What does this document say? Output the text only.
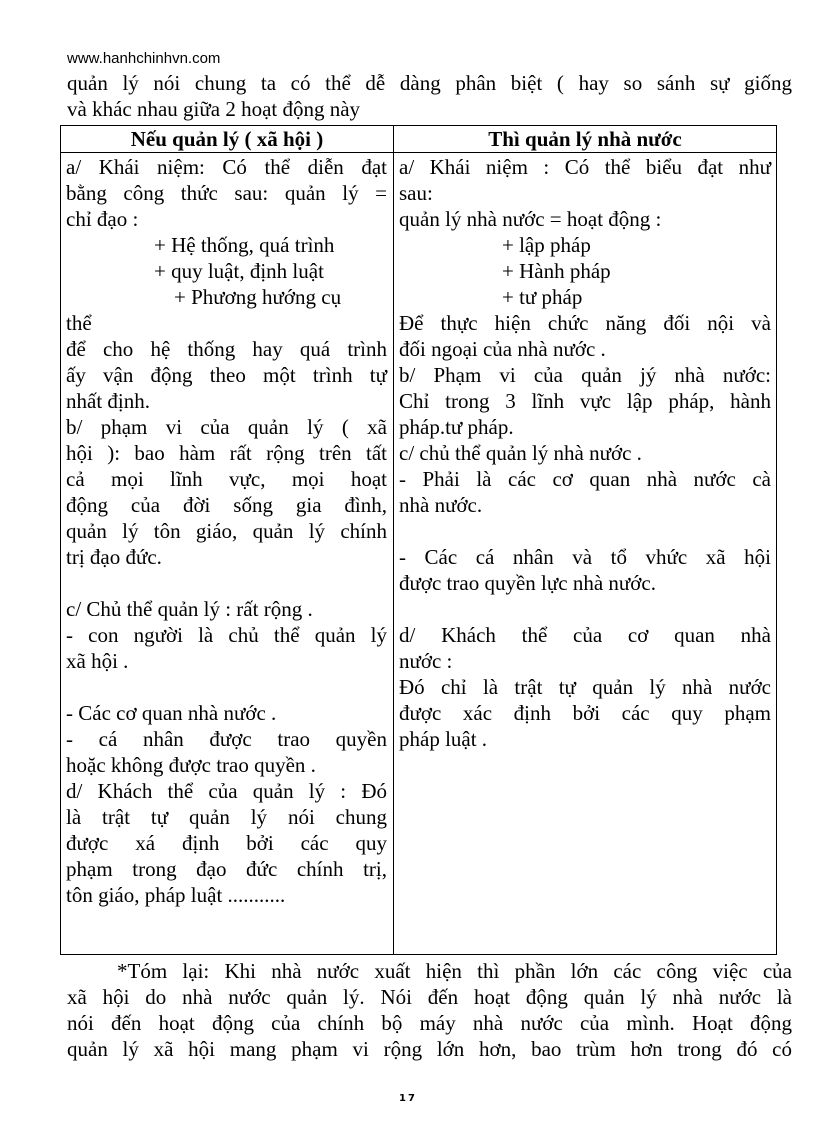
www.hanhchinhvn.com

quản lý nói chung ta có thể dễ dàng phân biệt ( hay so sánh sự giống

và khác nhau giữa 2 hoạt động này

Nếu quản lý ( xã hội )	Thì quản lý nhà nước
a/ Khái niệm: Có thể diễn đạt
bằng công thức sau: quản lý =
chỉ đạo :
+ Hệ thống, quá trình
+ quy luật, định luật
+ Phương hướng cụ
thể
để cho hệ thống hay quá trình
ấy vận động theo một trình tự
nhất định.
b/ phạm vi của quản lý ( xã
hội ): bao hàm rất rộng trên tất
cả mọi lĩnh vực, mọi hoạt
động của đời sống gia đình,
quản lý tôn giáo, quản lý chính
trị đạo đức.
c/ Chủ thể quản lý : rất rộng .
- con người là chủ thể quản lý
xã hội .
- Các cơ quan nhà nước .
- cá nhân được trao quyền
hoặc không được trao quyền .
d/ Khách thể của quản lý : Đó
là trật tự quản lý nói chung
được xá định bởi các quy
phạm trong đạo đức chính trị,
tôn giáo, pháp luật ...........
a/ Khái niệm : Có thể biểu đạt như
sau:
quản lý nhà nước = hoạt động :
+ lập pháp
+ Hành pháp
+ tư pháp
Để thực hiện chức năng đối nội và
đối ngoại của nhà nước .
b/ Phạm vi của quản jý nhà nước:
Chỉ trong 3 lĩnh vực lập pháp, hành
pháp.tư pháp.
c/ chủ thể quản lý nhà nước .
- Phải là các cơ quan nhà nước cà
nhà nước.
- Các cá nhân và tổ vhức xã hội
được trao quyền lực nhà nước.
d/ Khách thể của cơ quan nhà
nước :
Đó chỉ là trật tự quản lý nhà nước
được xác định bởi các quy phạm
pháp luật .
*Tóm lại: Khi nhà nước xuất hiện thì phần lớn các công việc của
xã hội do nhà nước quản lý. Nói đến hoạt động quản lý nhà nước là
nói đến hoạt động của chính bộ máy nhà nước của mình. Hoạt động
quản lý xã hội mang phạm vi rộng lớn hơn, bao trùm hơn trong đó có
17
